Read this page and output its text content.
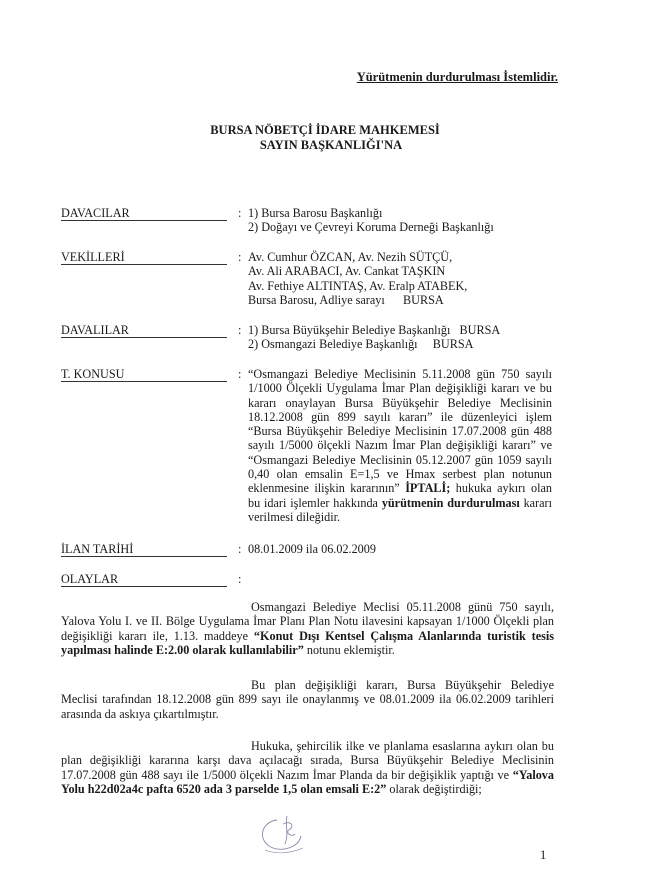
Yürütmenin durdurulması İstemlidir.
BURSA NÖBETÇİ İDARE MAHKEMESİ
SAYIN BAŞKANLIĞI'NA
DAVACILAR	: 1) Bursa Barosu Başkanlığı
2) Doğayı ve Çevreyi Koruma Derneği Başkanlığı
VEKİLLERİ	: Av. Cumhur ÖZCAN, Av. Nezih SÜTÇÜ,
Av. Ali ARABACI, Av. Cankat TAŞKIN
Av. Fethiye ALTINTAŞ, Av. Eralp ATABEK,
Bursa Barosu, Adliye sarayı      BURSA
DAVALILAR	: 1) Bursa Büyükşehir Belediye Başkanlığı   BURSA
2) Osmangazi Belediye Başkanlığı     BURSA
T. KONUSU	: “Osmangazi Belediye Meclisinin 5.11.2008 gün 750 sayılı 1/1000 Ölçekli Uygulama İmar Plan değişikliği kararı ve bu kararı onaylayan Bursa Büyükşehir Belediye Meclisinin 18.12.2008 gün 899 sayılı kararı” ile düzenleyici işlem “Bursa Büyükşehir Belediye Meclisinin 17.07.2008 gün 488 sayılı 1/5000 ölçekli Nazım İmar Plan değişikliği kararı” ve “Osmangazi Belediye Meclisinin 05.12.2007 gün 1059 sayılı 0,40 olan emsalin E=1,5 ve Hmax serbest plan notunun eklenmesine ilişkin kararının” İPTALİ; hukuka aykırı olan bu idari işlemler hakkında yürütmenin durdurulması kararı verilmesi dileğidir.
İLAN TARİHİ	: 08.01.2009 ila 06.02.2009
OLAYLAR	:
Osmangazi Belediye Meclisi 05.11.2008 günü 750 sayılı, Yalova Yolu I. ve II. Bölge Uygulama İmar Planı Plan Notu ilavesini kapsayan 1/1000 Ölçekli plan değişikliği kararı ile, 1.13. maddeye “Konut Dışı Kentsel Çalışma Alanlarında turistik tesis yapılması halinde E:2.00 olarak kullanılabilir” notunu eklemiştir.
Bu plan değişikliği kararı, Bursa Büyükşehir Belediye Meclisi tarafından 18.12.2008 gün 899 sayı ile onaylanmış ve 08.01.2009 ila 06.02.2009 tarihleri arasında da askıya çıkartılmıştır.
Hukuka, şehircilik ilke ve planlama esaslarına aykırı olan bu plan değişikliği kararına karşı dava açılacağı sırada, Bursa Büyükşehir Belediye Meclisinin 17.07.2008 gün 488 sayı ile 1/5000 ölçekli Nazım İmar Planda da bir değişiklik yaptığı ve “Yalova Yolu h22d02a4c pafta 6520 ada 3 parselde 1,5 olan emsali E:2” olarak değiştirdiği;
1
